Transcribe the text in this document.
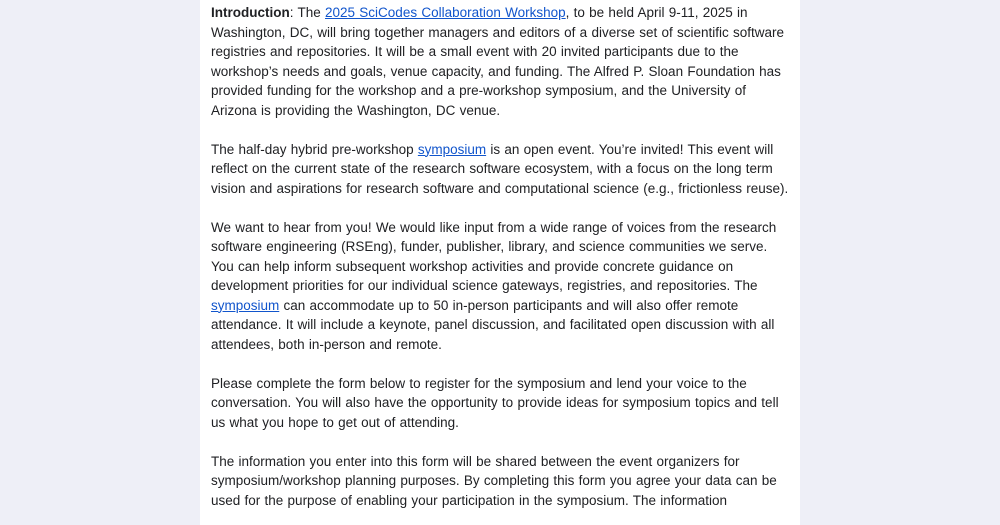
Introduction: The 2025 SciCodes Collaboration Workshop, to be held April 9-11, 2025 in Washington, DC, will bring together managers and editors of a diverse set of scientific software registries and repositories. It will be a small event with 20 invited participants due to the workshop’s needs and goals, venue capacity, and funding. The Alfred P. Sloan Foundation has provided funding for the workshop and a pre-workshop symposium, and the University of Arizona is providing the Washington, DC venue.

The half-day hybrid pre-workshop symposium is an open event. You’re invited! This event will reflect on the current state of the research software ecosystem, with a focus on the long term vision and aspirations for research software and computational science (e.g., frictionless reuse).

We want to hear from you! We would like input from a wide range of voices from the research software engineering (RSEng), funder, publisher, library, and science communities we serve. You can help inform subsequent workshop activities and provide concrete guidance on development priorities for our individual science gateways, registries, and repositories. The symposium can accommodate up to 50 in-person participants and will also offer remote attendance. It will include a keynote, panel discussion, and facilitated open discussion with all attendees, both in-person and remote.

Please complete the form below to register for the symposium and lend your voice to the conversation. You will also have the opportunity to provide ideas for symposium topics and tell us what you hope to get out of attending.

The information you enter into this form will be shared between the event organizers for symposium/workshop planning purposes. By completing this form you agree your data can be used for the purpose of enabling your participation in the symposium. The information
